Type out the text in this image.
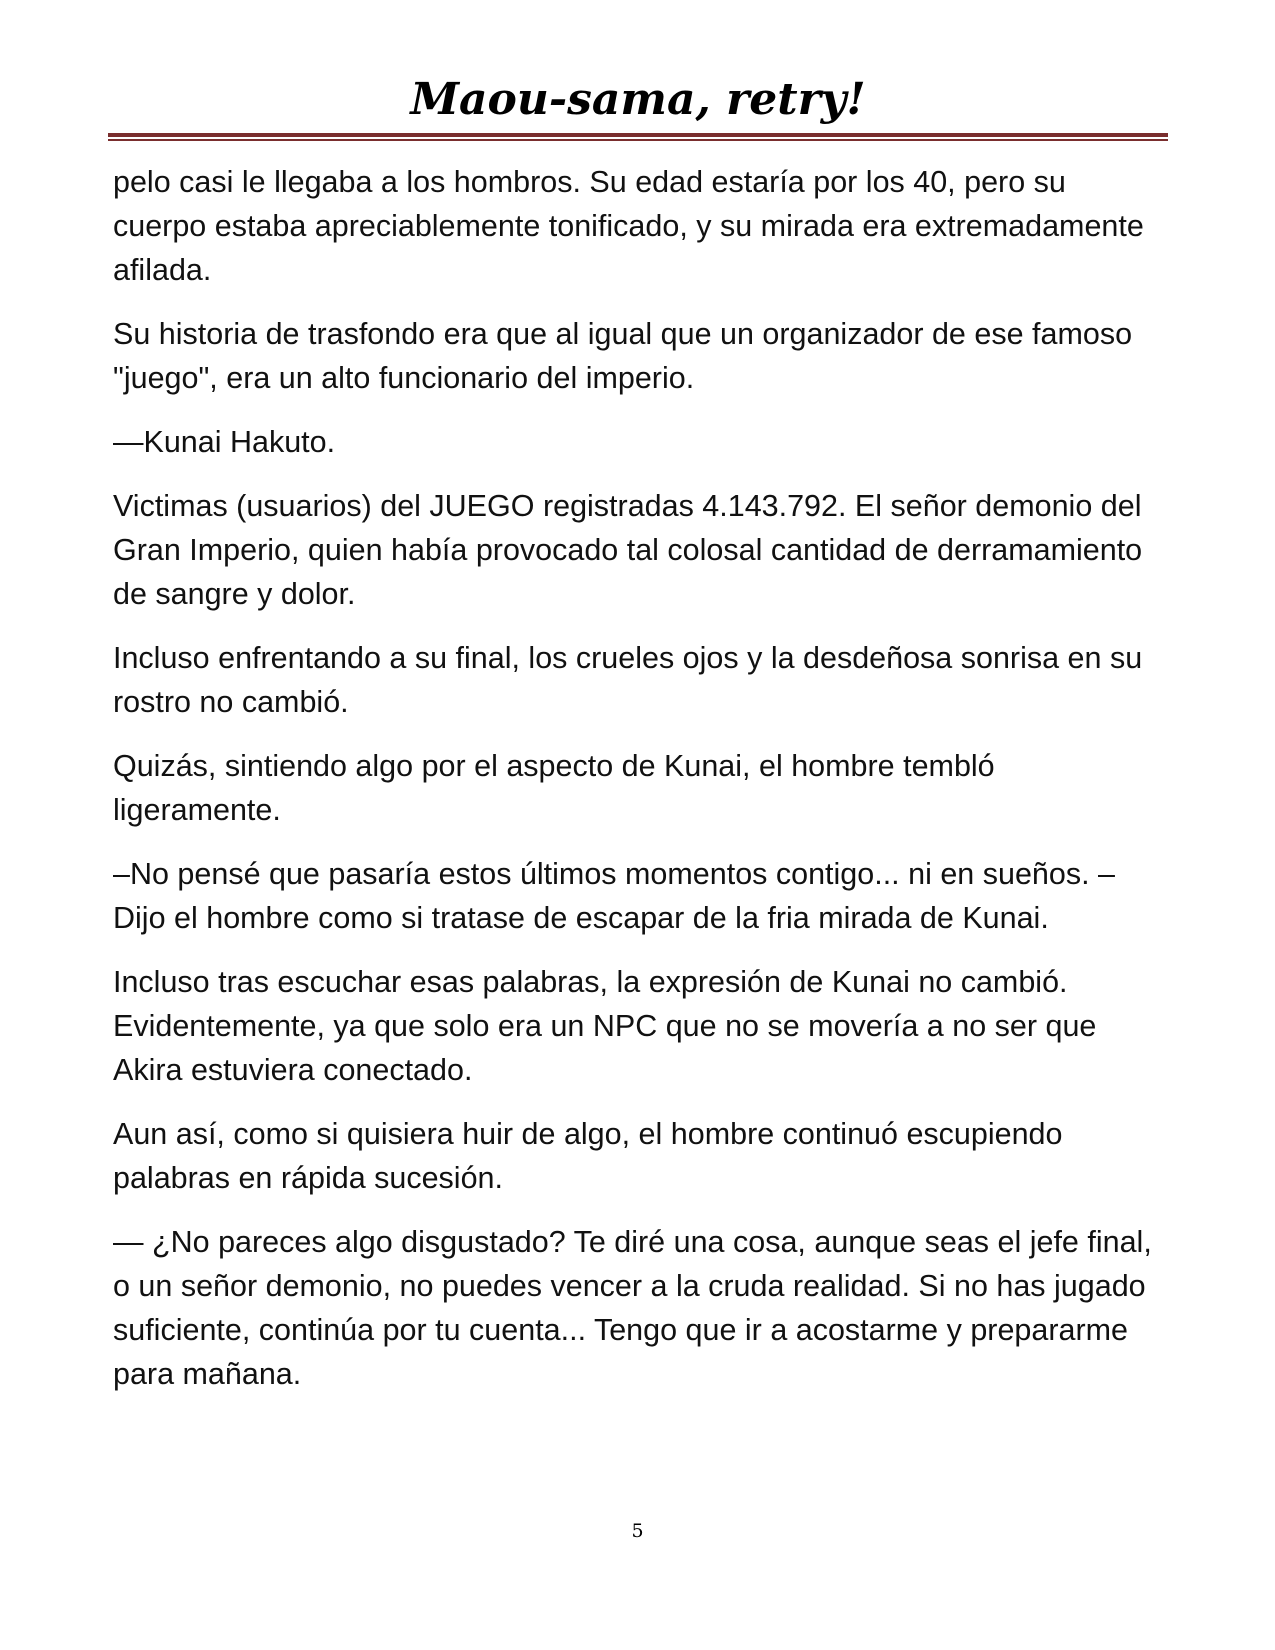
Maou-sama, retry!

pelo casi le llegaba a los hombros. Su edad estaría por los 40, pero su cuerpo estaba apreciablemente tonificado, y su mirada era extremadamente afilada.

Su historia de trasfondo era que al igual que un organizador de ese famoso "juego", era un alto funcionario del imperio.

—Kunai Hakuto.

Victimas (usuarios) del JUEGO registradas 4.143.792. El señor demonio del Gran Imperio, quien había provocado tal colosal cantidad de derramamiento de sangre y dolor.

Incluso enfrentando a su final, los crueles ojos y la desdeñosa sonrisa en su rostro no cambió.

Quizás, sintiendo algo por el aspecto de Kunai, el hombre tembló ligeramente.

–No pensé que pasaría estos últimos momentos contigo... ni en sueños. –Dijo el hombre como si tratase de escapar de la fria mirada de Kunai.

Incluso tras escuchar esas palabras, la expresión de Kunai no cambió. Evidentemente, ya que solo era un NPC que no se movería a no ser que Akira estuviera conectado.

Aun así, como si quisiera huir de algo, el hombre continuó escupiendo palabras en rápida sucesión.

— ¿No pareces algo disgustado? Te diré una cosa, aunque seas el jefe final, o un señor demonio, no puedes vencer a la cruda realidad. Si no has jugado suficiente, continúa por tu cuenta... Tengo que ir a acostarme y prepararme para mañana.

5
